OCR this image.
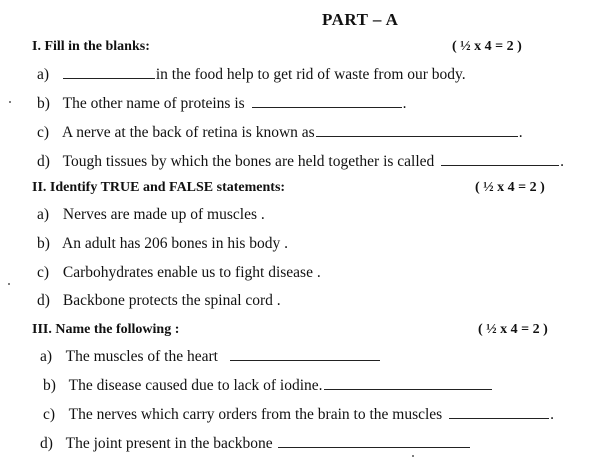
PART – A
I. Fill in the blanks:	( ½ x 4 = 2 )
a)	in the food help to get rid of waste from our body.
b) The other name of proteins is	.
c) A nerve at the back of retina is known as	.
d) Tough tissues by which the bones are held together is called	.
II. Identify TRUE and FALSE statements:	( ½ x 4 = 2 )
a) Nerves are made up of muscles .
b) An adult has 206 bones in his body .
c) Carbohydrates enable us to fight disease .
d) Backbone protects the spinal cord .
III. Name the following :	( ½ x 4 = 2 )
a) The muscles of the heart
b) The disease caused due to lack of iodine.
c) The nerves which carry orders from the brain to the muscles	.
d) The joint present in the backbone
